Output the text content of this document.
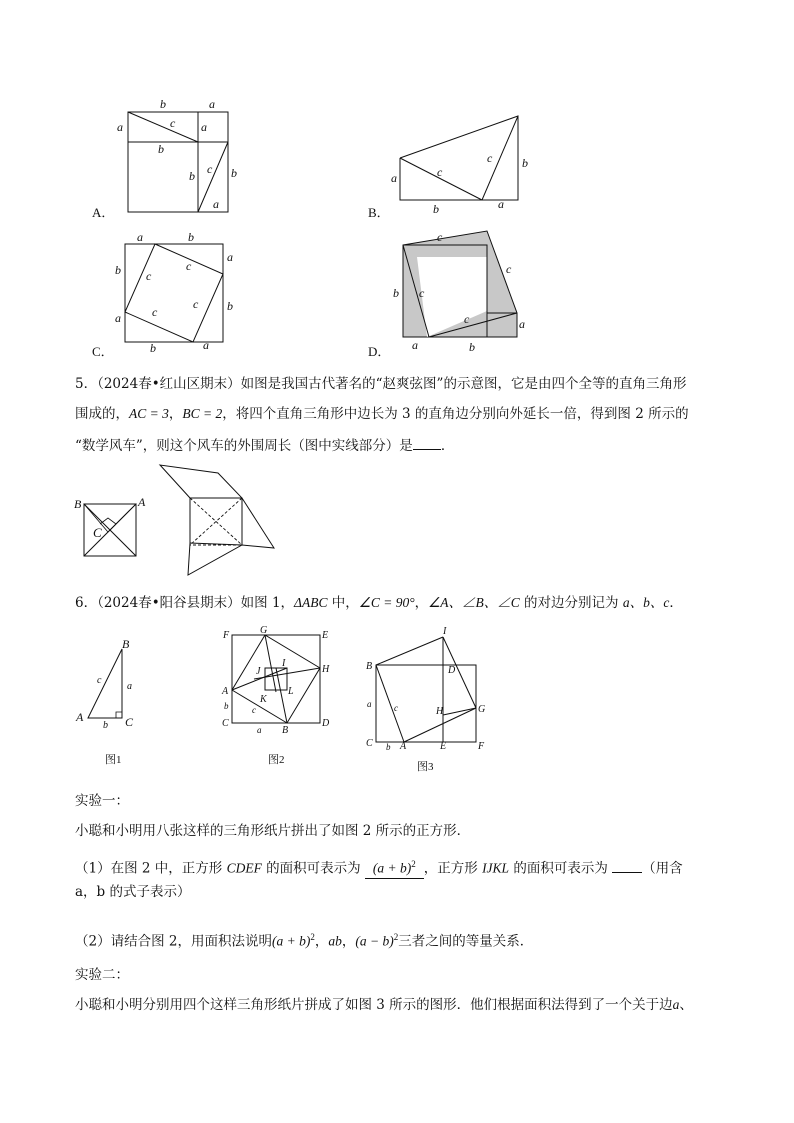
b	a
a	c a
b
b c b
a
A．
a	c
c b
b	a
B．
a	b
b
a
c
c
a	c
c b
b	a
C．
c
c
b c
c	a
a	b
D．
5．（2024春•红山区期末）如图是我国古代著名的“赵爽弦图”的示意图，它是由四个全等的直角三角形
围成的，AC = 3，BC = 2，将四个直角三角形中边长为 3 的直角边分别向外延长一倍，得到图 2 所示的
“数学风车”，则这个风车的外围周长（图中实线部分）是 ．
B	A
C
6．（2024春•阳谷县期末）如图 1，ΔABC 中，∠C = 90°，∠A、∠B、∠C 的对边分别记为 a、b、c．
B
c
a
A
b C
图1
F	G	E
J
I
H
A
K
L
b	c
C
a B
D
图2
I
B	D
a	c	H	G
C b A	E	F
图3
实验一：
小聪和小明用八张这样的三角形纸片拼出了如图 2 所示的正方形．
（1）在图 2 中，正方形 CDEF 的面积可表示为 $(a + b)^2$ ，正方形 IJKL 的面积可表示为 （用含
a，b 的式子表示）
（2）请结合图 2，用面积法说明$(a + b)^2$，ab，$(a - b)^2$三者之间的等量关系．
实验二：
小聪和小明分别用四个这样三角形纸片拼成了如图 3 所示的图形．他们根据面积法得到了一个关于边a、
